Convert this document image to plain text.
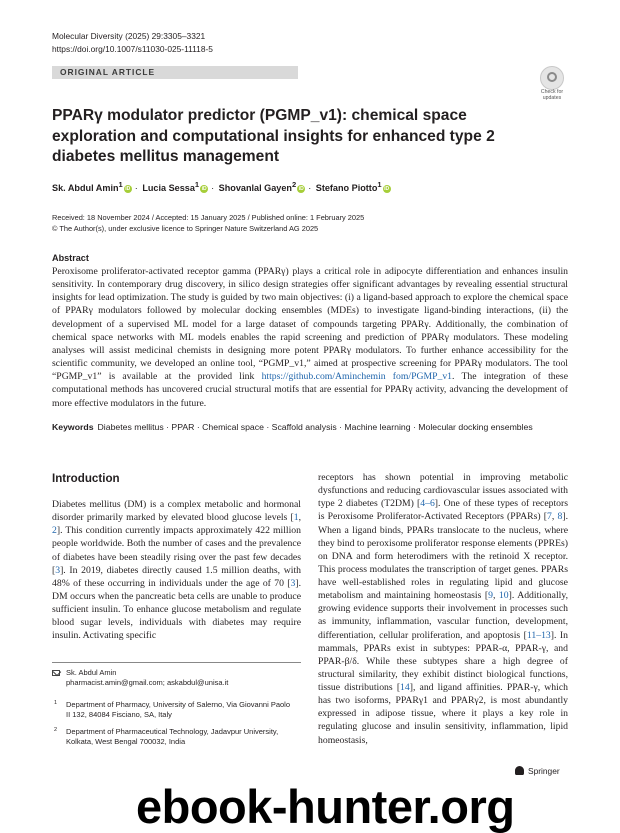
Molecular Diversity (2025) 29:3305–3321
https://doi.org/10.1007/s11030-025-11118-5
ORIGINAL ARTICLE
Check for updates
PPARγ modulator predictor (PGMP_v1): chemical space exploration and computational insights for enhanced type 2 diabetes mellitus management
Sk. Abdul Amin$^1$iD · Lucia Sessa$^1$iD · Shovanlal Gayen$^2$iD · Stefano Piotto$^1$iD
Received: 18 November 2024 / Accepted: 15 January 2025 / Published online: 1 February 2025
© The Author(s), under exclusive licence to Springer Nature Switzerland AG 2025
Abstract
Peroxisome proliferator-activated receptor gamma (PPARγ) plays a critical role in adipocyte differentiation and enhances insulin sensitivity. In contemporary drug discovery, in silico design strategies offer significant advantages by revealing essential structural insights for lead optimization. The study is guided by two main objectives: (i) a ligand-based approach to explore the chemical space of PPARγ modulators followed by molecular docking ensembles (MDEs) to investigate ligand-binding interactions, (ii) the development of a supervised ML model for a large dataset of compounds targeting PPARγ. Additionally, the combination of chemical space networks with ML models enables the rapid screening and prediction of PPARγ modulators. These modeling analyses will assist medicinal chemists in designing more potent PPARγ modulators. To further enhance accessibility for the scientific community, we developed an online tool, “PGMP_v1,” aimed at prospective screening for PPARγ modulators. The tool “PGMP_v1” is available at the provided link https://github.com/Aminchemin fom/PGMP_v1. The integration of these computational methods has uncovered crucial structural motifs that are essential for PPARγ activity, advancing the development of more effective modulators in the future.
Keywords Diabetes mellitus · PPAR · Chemical space · Scaffold analysis · Machine learning · Molecular docking ensembles
Introduction
Diabetes mellitus (DM) is a complex metabolic and hormonal disorder primarily marked by elevated blood glucose levels [1, 2]. This condition currently impacts approximately 422 million people worldwide. Both the number of cases and the prevalence of diabetes have been steadily rising over the past few decades [3]. In 2019, diabetes directly caused 1.5 million deaths, with 48% of these occurring in individuals under the age of 70 [3]. DM occurs when the pancreatic beta cells are unable to produce sufficient insulin. To enhance glucose metabolism and regulate blood sugar levels, individuals with diabetes may require insulin. Activating specific
receptors has shown potential in improving metabolic dysfunctions and reducing cardiovascular issues associated with type 2 diabetes (T2DM) [4–6]. One of these types of receptors is Peroxisome Proliferator-Activated Receptors (PPARs) [7, 8]. When a ligand binds, PPARs translocate to the nucleus, where they bind to peroxisome proliferator response elements (PPREs) on DNA and form heterodimers with the retinoid X receptor. This process modulates the transcription of target genes. PPARs have well-established roles in regulating lipid and glucose metabolism and maintaining homeostasis [9, 10]. Additionally, growing evidence supports their involvement in processes such as immunity, inflammation, vascular function, development, differentiation, cellular proliferation, and apoptosis [11–13]. In mammals, PPARs exist in subtypes: PPAR-α, PPAR-γ, and PPAR-β/δ. While these subtypes share a high degree of structural similarity, they exhibit distinct biological functions, tissue distributions [14], and ligand affinities. PPAR-γ, which has two isoforms, PPARγ1 and PPARγ2, is most abundantly expressed in adipose tissue, where it plays a key role in regulating glucose and insulin sensitivity, inflammation, lipid homeostasis,
Sk. Abdul Amin
pharmacist.amin@gmail.com; askabdul@unisa.it
1 Department of Pharmacy, University of Salerno, Via Giovanni Paolo II 132, 84084 Fisciano, SA, Italy
2 Department of Pharmaceutical Technology, Jadavpur University, Kolkata, West Bengal 700032, India
Springer
ebook-hunter.org
